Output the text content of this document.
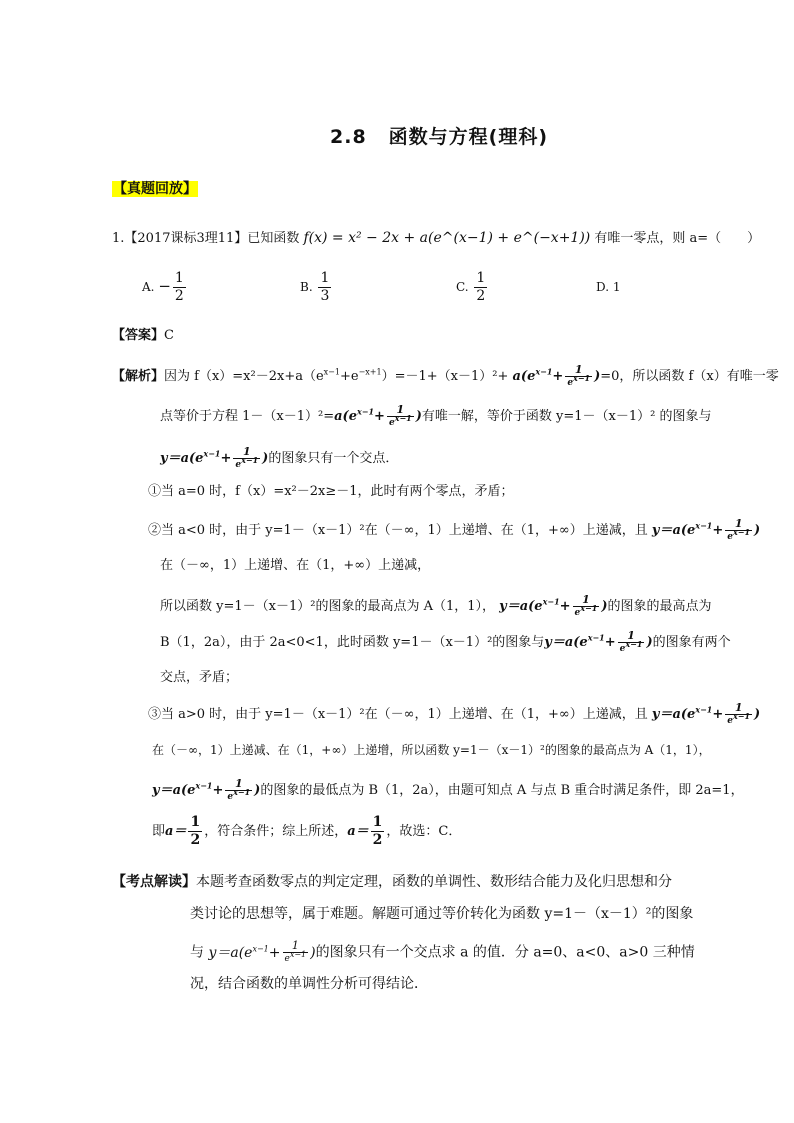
2.8 函数与方程(理科)
【真题回放】
1.【2017课标3理11】已知函数 f(x) = x² − 2x + a(e^(x−1) + e^(−x+1)) 有唯一零点，则 a=（　　）
A. − $\frac{1}{2}$	B. $\frac{1}{3}$	C. $\frac{1}{2}$	D. 1
【答案】C
【解析】因为 $f(x)=x^2-2x+a(e^{x-1}+e^{-x+1})=-1+(x-1)^2+ a(e^{x-1}+ \frac{1}{e^{x-1}} )=0$，所以函数 f（x）有唯一零
点等价于方程 $1-(x-1)^2=a(e^{x-1}+ \frac{1}{e^{x-1}}$ )有唯一解，等价于函数 y=1－（x－1）² 的图象与
$y=a(e^{x-1}+ \frac{1}{e^{x-1}}$ )的图象只有一个交点．
①当 a=0 时，f（x）=x²－2x≥－1，此时有两个零点，矛盾；
②当 a<0 时，由于 y=1－（x－1）²在（－∞，1）上递增、在（1，+∞）上递减，且 $y=a(e^{x-1}+ \frac{1}{e^{x-1}}$ )
在（－∞，1）上递增、在（1，+∞）上递减，
所以函数 y=1－（x－1）²的图象的最高点为 A（1，1）， $y=a(e^{x-1}+ \frac{1}{e^{x-1}}$ )的图象的最高点为
B（1，2a），由于 2a<0<1，此时函数 y=1－（x－1）²的图象与$y=a(e^{x-1}+ \frac{1}{e^{x-1}}$ )的图象有两个
交点，矛盾；
③当 a>0 时，由于 y=1－（x－1）²在（－∞，1）上递增、在（1，+∞）上递减，且 $y=a(e^{x-1}+ \frac{1}{e^{x-1}}$ )
在（－∞，1）上递减、在（1，+∞）上递增，所以函数 y=1－（x－1）²的图象的最高点为 A（1，1），
$y=a(e^{x-1}+ \frac{1}{e^{x-1}}$ )的图象的最低点为 B（1，2a），由题可知点 A 与点 B 重合时满足条件，即 2a=1，
即$a= \frac{1}{2}$ ，符合条件；综上所述，$a= \frac{1}{2}$ ，故选：C．
【考点解读】本题考查函数零点的判定定理，函数的单调性、数形结合能力及化归思想和分
类讨论的思想等，属于难题。解题可通过等价转化为函数 y=1－（x－1）²的图象
与 $y=a(e^{x-1}+ \frac{1}{e^{x-1}}$ )的图象只有一个交点求 a 的值．分 a=0、a<0、a>0 三种情
况，结合函数的单调性分析可得结论．
